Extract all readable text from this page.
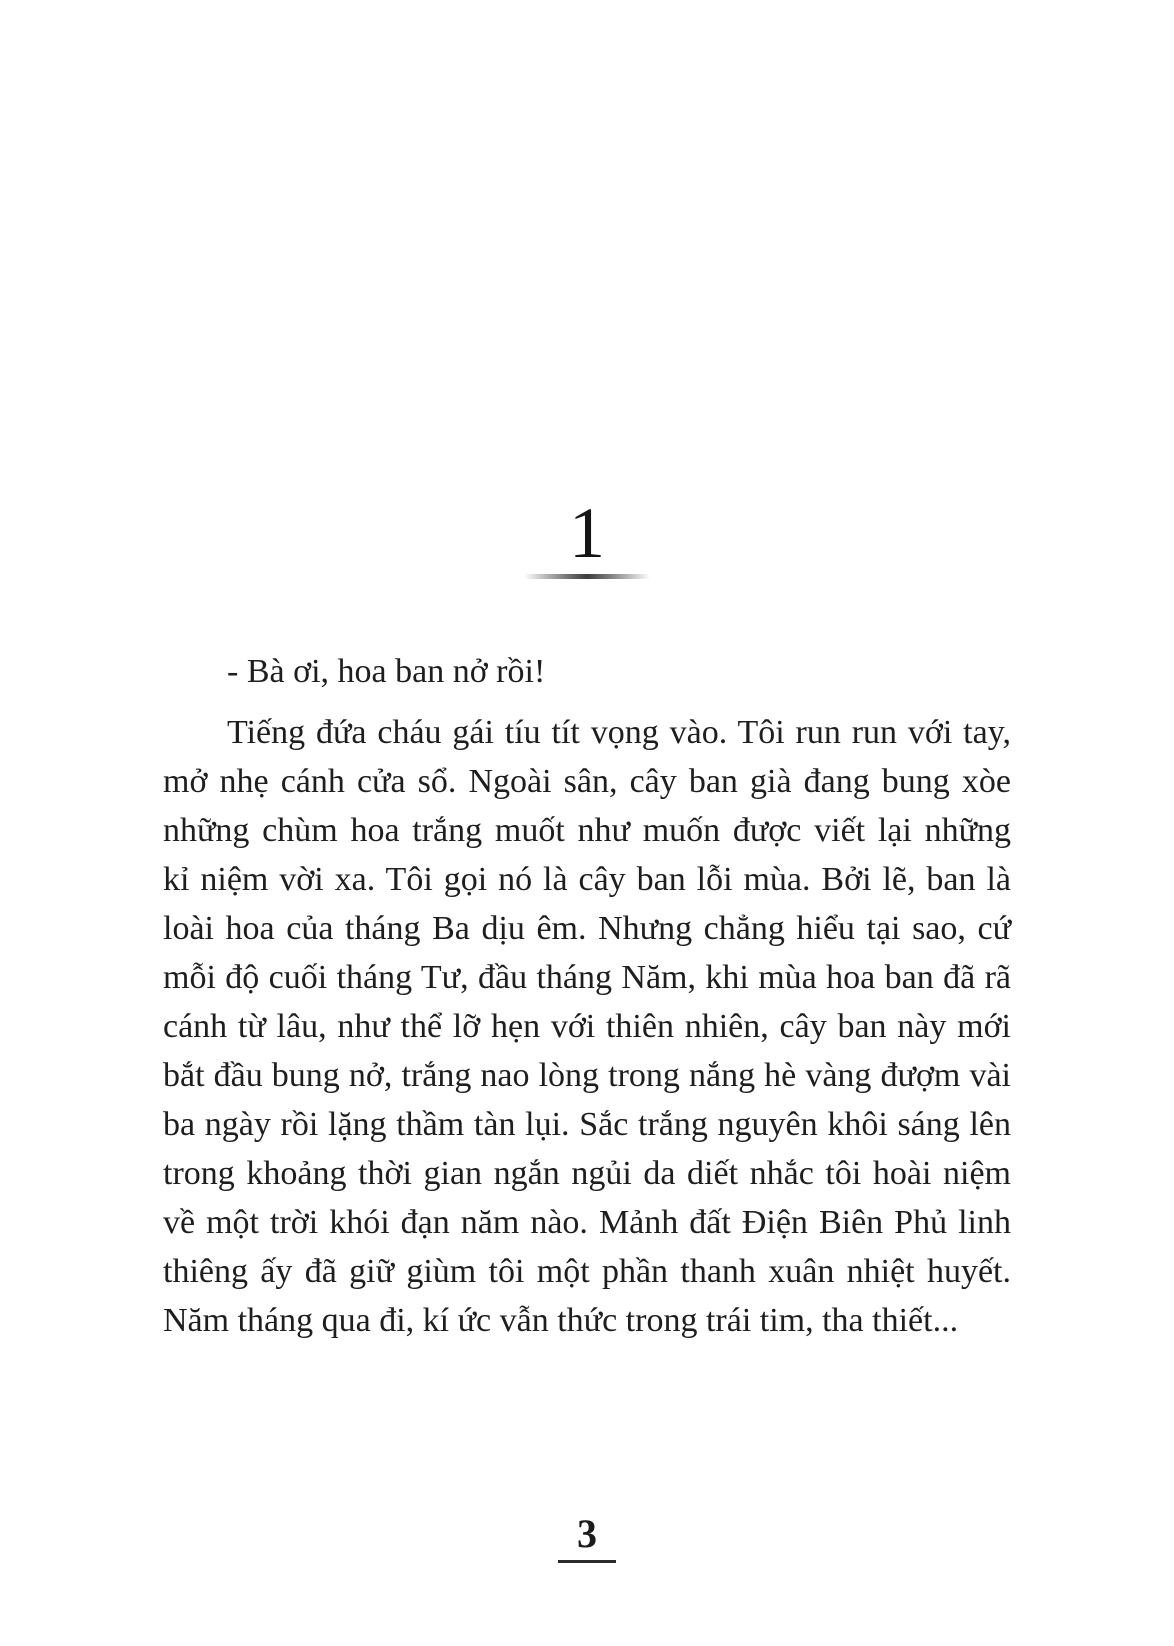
1
- Bà ơi, hoa ban nở rồi!
Tiếng đứa cháu gái tíu tít vọng vào. Tôi run run với tay,
mở nhẹ cánh cửa sổ. Ngoài sân, cây ban già đang bung xòe
những chùm hoa trắng muốt như muốn được viết lại những
kỉ niệm vời xa. Tôi gọi nó là cây ban lỗi mùa. Bởi lẽ, ban là
loài hoa của tháng Ba dịu êm. Nhưng chẳng hiểu tại sao, cứ
mỗi độ cuối tháng Tư, đầu tháng Năm, khi mùa hoa ban đã rã
cánh từ lâu, như thể lỡ hẹn với thiên nhiên, cây ban này mới
bắt đầu bung nở, trắng nao lòng trong nắng hè vàng đượm vài
ba ngày rồi lặng thầm tàn lụi. Sắc trắng nguyên khôi sáng lên
trong khoảng thời gian ngắn ngủi da diết nhắc tôi hoài niệm
về một trời khói đạn năm nào. Mảnh đất Điện Biên Phủ linh
thiêng ấy đã giữ giùm tôi một phần thanh xuân nhiệt huyết.
Năm tháng qua đi, kí ức vẫn thức trong trái tim, tha thiết...
3
